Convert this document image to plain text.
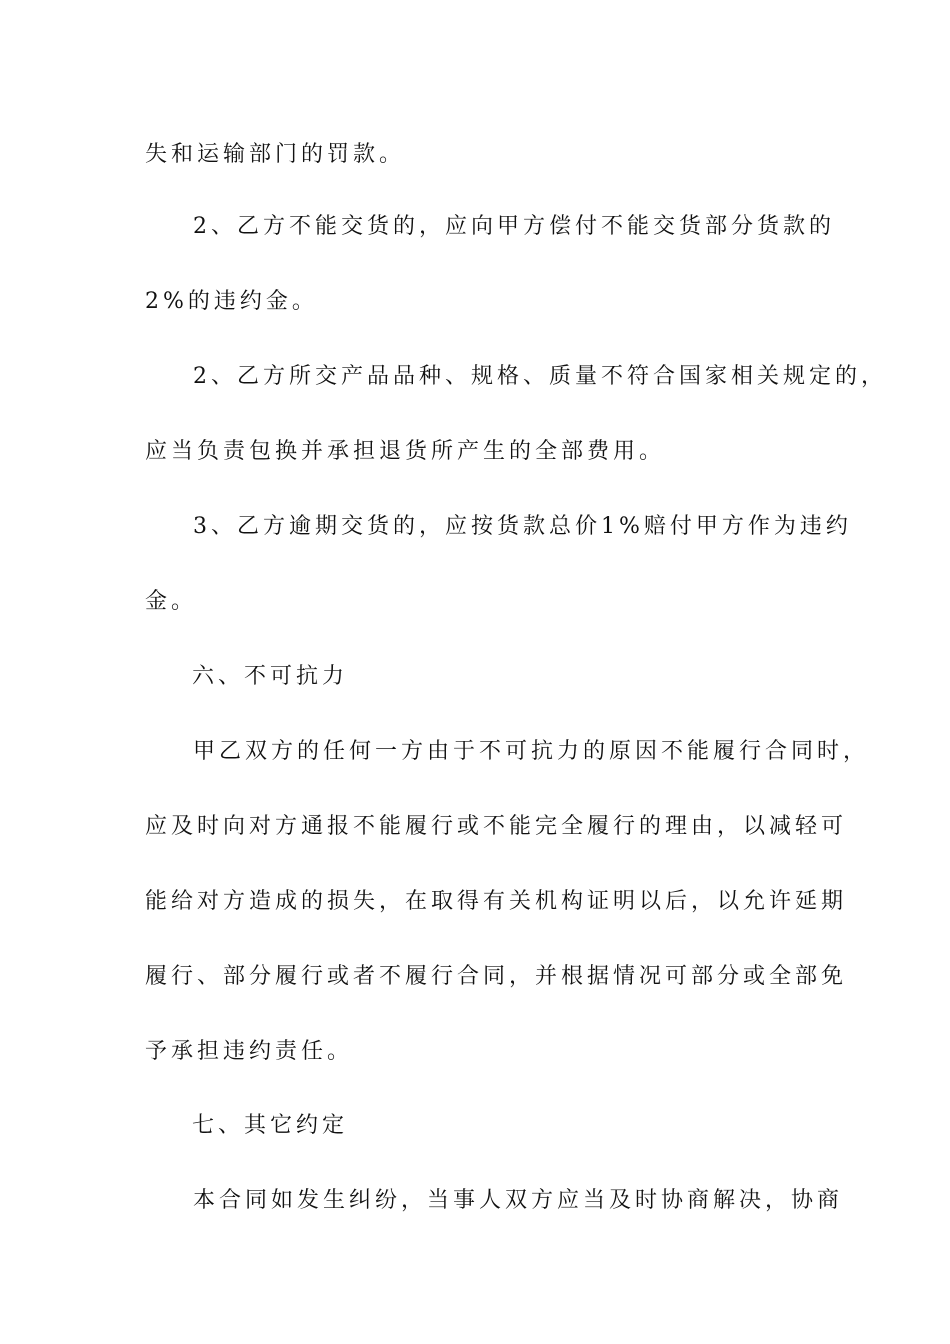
失和运输部门的罚款。
2、乙方不能交货的，应向甲方偿付不能交货部分货款的
2%的违约金。
2、乙方所交产品品种、规格、质量不符合国家相关规定的，
应当负责包换并承担退货所产生的全部费用。
3、乙方逾期交货的，应按货款总价1%赔付甲方作为违约
金。
六、不可抗力
甲乙双方的任何一方由于不可抗力的原因不能履行合同时，
应及时向对方通报不能履行或不能完全履行的理由，以减轻可
能给对方造成的损失，在取得有关机构证明以后，以允许延期
履行、部分履行或者不履行合同，并根据情况可部分或全部免
予承担违约责任。
七、其它约定
本合同如发生纠纷，当事人双方应当及时协商解决，协商
